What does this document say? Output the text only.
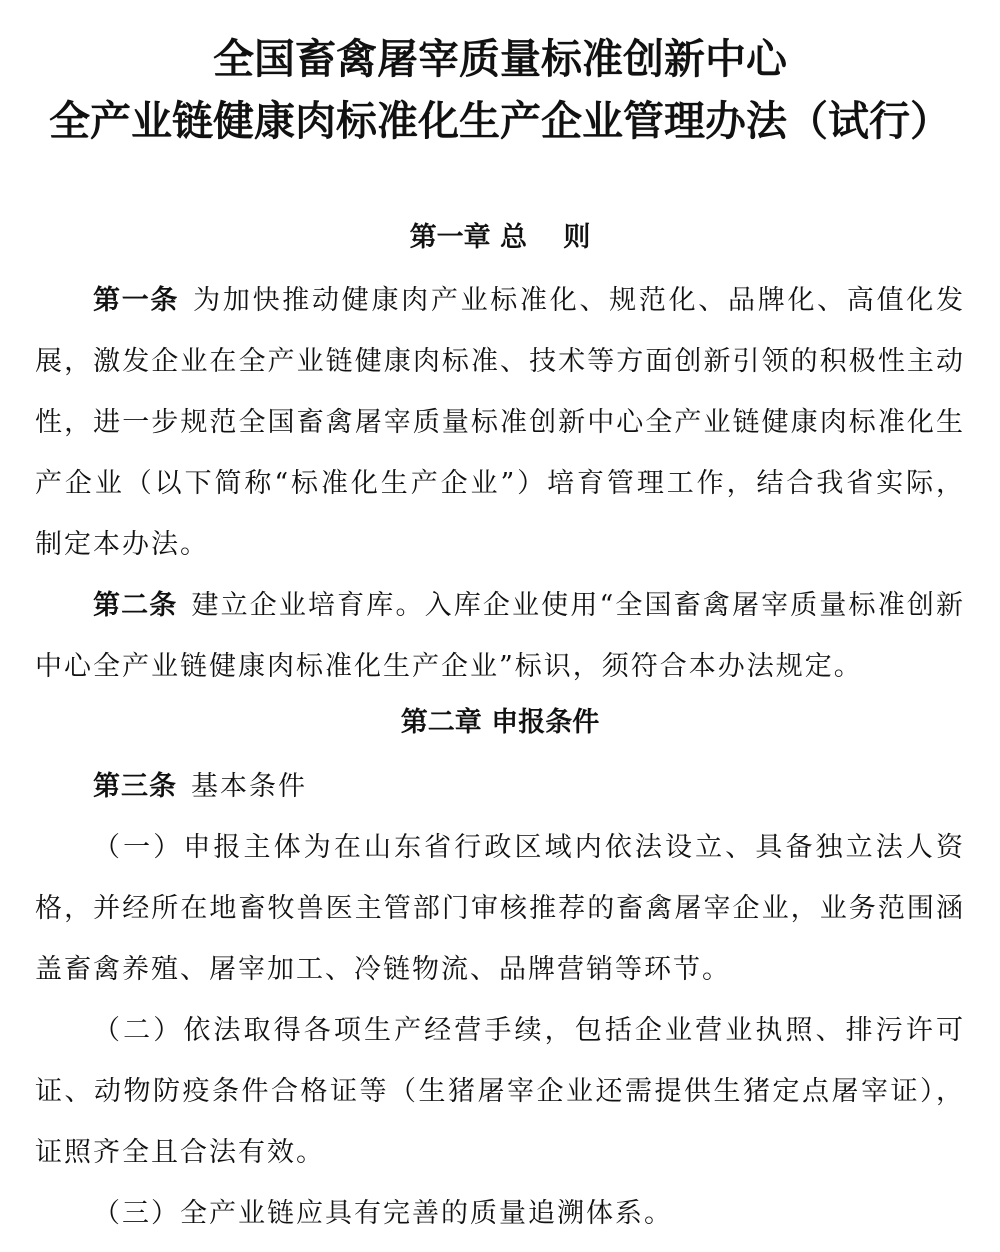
全国畜禽屠宰质量标准创新中心
全产业链健康肉标准化生产企业管理办法（试行）
第一章 总　 则

第一条 为加快推动健康肉产业标准化、规范化、品牌化、高值化发展，激发企业在全产业链健康肉标准、技术等方面创新引领的积极性主动性，进一步规范全国畜禽屠宰质量标准创新中心全产业链健康肉标准化生产企业（以下简称“标准化生产企业”）培育管理工作，结合我省实际，制定本办法。

第二条 建立企业培育库。入库企业使用“全国畜禽屠宰质量标准创新中心全产业链健康肉标准化生产企业”标识，须符合本办法规定。

第二章 申报条件

第三条 基本条件

（一）申报主体为在山东省行政区域内依法设立、具备独立法人资格，并经所在地畜牧兽医主管部门审核推荐的畜禽屠宰企业，业务范围涵盖畜禽养殖、屠宰加工、冷链物流、品牌营销等环节。

（二）依法取得各项生产经营手续，包括企业营业执照、排污许可证、动物防疫条件合格证等（生猪屠宰企业还需提供生猪定点屠宰证），证照齐全且合法有效。

（三）全产业链应具有完善的质量追溯体系。
